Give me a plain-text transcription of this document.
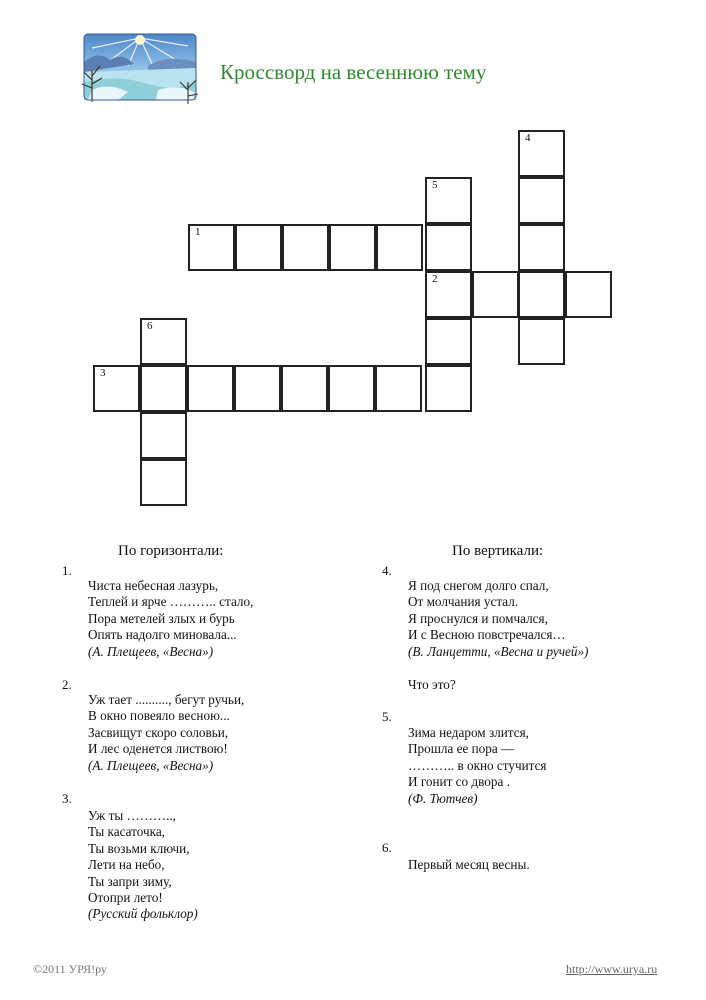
Кроссворд на весеннюю тему
4
5
2
1
6
3
По горизонтали:
1.
Чиста небесная лазурь,
Теплей и ярче ……….. стало,
Пора метелей злых и бурь
Опять надолго миновала...
(А. Плещеев, «Весна»)
2.
Уж тает .........., бегут ручьи,
В окно повеяло весною...
Засвищут скоро соловьи,
И лес оденется листвою!
(А. Плещеев, «Весна»)
3.
Уж ты ………..,
Ты касаточка,
Ты возьми ключи,
Лети на небо,
Ты запри зиму,
Отопри лето!
(Русский фольклор)
По вертикали:
4.
Я под снегом долго спал,
От молчания устал.
Я проснулся и помчался,
И с Весною повстречался…
(В. Ланцетти, «Весна и ручей»)
Что это?
5.
Зима недаром злится,
Прошла ее пора —
……….. в окно стучится
И гонит со двора .
(Ф. Тютчев)
6.
Первый месяц весны.
©2011 УРЯ!ру	http://www.urya.ru
